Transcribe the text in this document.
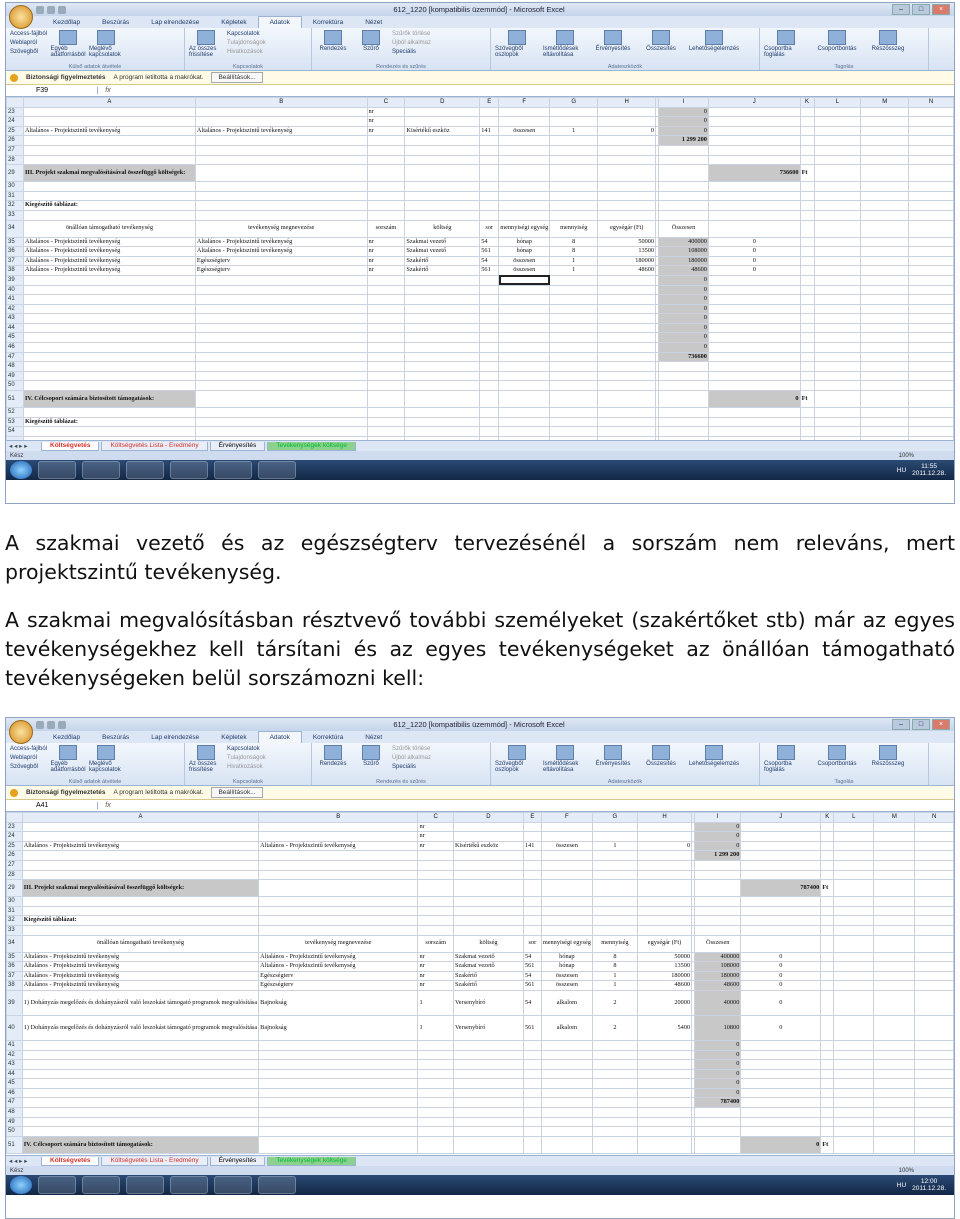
612_1220 [kompatibilis üzemmód] - Microsoft Excel	–	□	×
Kezdőlap	Beszúrás	Lap elrendezése	Képletek	Adatok	Korrektúra	Nézet
Access-fájlból
Weblapról
Szövegből	Egyéb adatforrásból
Meglévő kapcsolatok
Külső adatok átvétele
Az összes frissítése
Kapcsolatok
Tulajdonságok
Hivatkozások
Kapcsolatok
Rendezés	Szűrő
Szűrők törlése
Újból alkalmaz
Speciális
Rendezés és szűrés
Szövegből oszlopok
Ismétlődések eltávolítása
Érvényesítés	Összesítés Lehetőségelemzés
Adateszközök
Csoportba foglalás
Csoportbontás	Részösszeg
Tagolás
Biztonsági figyelmeztetés A program letiltotta a makrókat.	Beállítások...
F39	fx
	A	B	C	D	E	F	G	H		I	J	K	L	M	N
23			nr							0					
24			nr							0					
25	Általános - Projektszintű tevékenység	Általános - Projektszintű tevékenység	nr	Kisértékű eszköz	141	összesen	1	0		0					
26										1 299 200					
27															
28															
29	III. Projekt szakmai megvalósításával összefüggő költségek:										736600	Ft			
30															
31															
32	Kiegészítő táblázat:														
33															
34	önállóan támogatható tevékenység	tevékenység megnevezése	sorszám	költség	sor	mennyiségi egység	mennyiség	egységár (Ft)		Összesen					
35	Általános - Projektszintű tevékenység	Általános - Projektszintű tevékenység	nr	Szakmai vezető	54	hónap	8	50000		400000	0				
36	Általános - Projektszintű tevékenység	Általános - Projektszintű tevékenység	nr	Szakmai vezető	561	hónap	8	13500		108000	0				
37	Általános - Projektszintű tevékenység	Egészségterv	nr	Szakértő	54	összesen	1	180000		180000	0				
38	Általános - Projektszintű tevékenység	Egészségterv	nr	Szakértő	561	összesen	1	48600		48600	0				
39										0					
40										0					
41										0					
42										0					
43										0					
44										0					
45										0					
46										0					
47										736600					
48															
49															
50															
51	IV. Célcsoport számára biztosított támogatások:										0	Ft			
52															
53	Kiegészítő táblázat:														
54															

◂ ◂ ▸ ▸	Költségvetés	Költségvetés Lista - Eredmény	Érvényesítés	Tevékenységek költsége
Kész	100%
HU	11:55
2011.12.28.

A szakmai vezető és az egészségterv tervezésénél a sorszám nem releváns, mert projektszintű tevékenység.

A szakmai megvalósításban résztvevő további személyeket (szakértőket stb) már az egyes tevékenységekhez kell társítani és az egyes tevékenységeket az önállóan támogatható tevékenységeken belül sorszámozni kell:

612_1220 [kompatibilis üzemmód] - Microsoft Excel	–	□	×
Kezdőlap	Beszúrás	Lap elrendezése	Képletek	Adatok	Korrektúra	Nézet
Access-fájlból
Weblapról
Szövegből	Egyéb adatforrásból
Meglévő kapcsolatok
Külső adatok átvétele
Az összes frissítése
Kapcsolatok
Tulajdonságok
Hivatkozások
Kapcsolatok
Rendezés	Szűrő
Szűrők törlése
Újból alkalmaz
Speciális
Rendezés és szűrés
Szövegből oszlopok
Ismétlődések eltávolítása
Érvényesítés	Összesítés Lehetőségelemzés
Adateszközök
Csoportba foglalás
Csoportbontás	Részösszeg
Tagolás
Biztonsági figyelmeztetés A program letiltotta a makrókat.	Beállítások...
A41	fx
	A	B	C	D	E	F	G	H		I	J	K	L	M	N
23			nr							0					
24			nr							0					
25	Általános - Projektszintű tevékenység	Általános - Projektszintű tevékenység	nr	Kisértékű eszköz	141	összesen	1	0		0					
26										1 299 200					
27															
28															
29	III. Projekt szakmai megvalósításával összefüggő költségek:										787400	Ft			
30															
31															
32	Kiegészítő táblázat:														
33															
34	önállóan támogatható tevékenység	tevékenység megnevezése	sorszám	költség	sor	mennyiségi egység	mennyiség	egységár (Ft)		Összesen					
35	Általános - Projektszintű tevékenység	Általános - Projektszintű tevékenység	nr	Szakmai vezető	54	hónap	8	50000		400000	0				
36	Általános - Projektszintű tevékenység	Általános - Projektszintű tevékenység	nr	Szakmai vezető	561	hónap	8	13500		108000	0				
37	Általános - Projektszintű tevékenység	Egészségterv	nr	Szakértő	54	összesen	1	180000		180000	0				
38	Általános - Projektszintű tevékenység	Egészségterv	nr	Szakértő	561	összesen	1	48600		48600	0				
39	1) Dohányzás megelőzés és dohányzásról való leszokást támogató programok megvalósítása	Bajnokság	1	Versenybíró	54	alkalom	2	20000		40000	0				
40	1) Dohányzás megelőzés és dohányzásról való leszokást támogató programok megvalósítása	Bajnokság	1	Versenybíró	561	alkalom	2	5400		10800	0				
41										0					
42										0					
43										0					
44										0					
45										0					
46										0					
47										787400					
48															
49															
50															
51	IV. Célcsoport számára biztosított támogatások:										0	Ft			
◂ ◂ ▸ ▸	Költségvetés	Költségvetés Lista - Eredmény	Érvényesítés	Tevékenységek költsége
Kész	100%
HU	12:00
2011.12.28.
